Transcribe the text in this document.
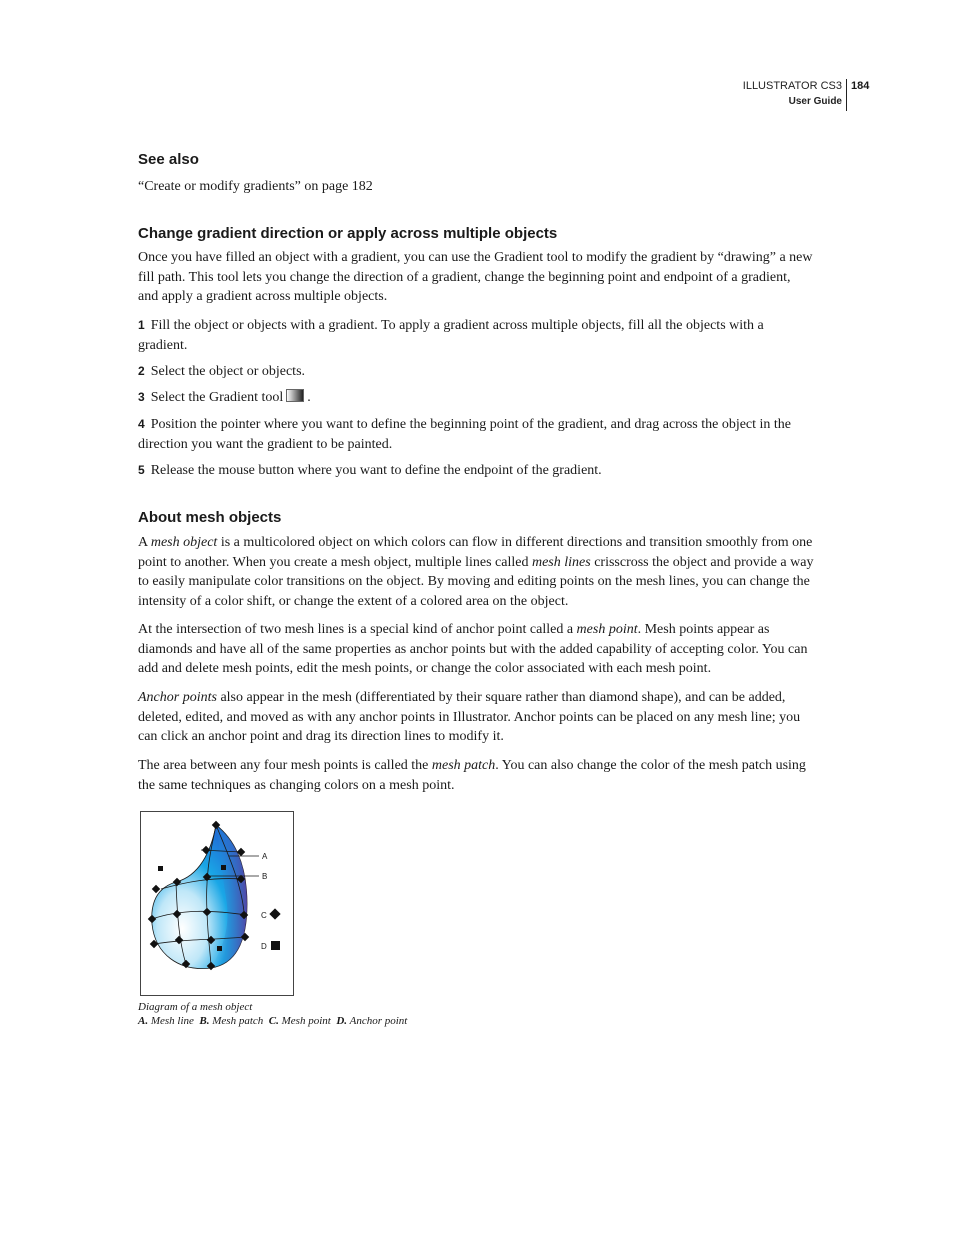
ILLUSTRATOR CS3
User Guide
184
See also

“Create or modify gradients” on page 182

Change gradient direction or apply across multiple objects

Once you have filled an object with a gradient, you can use the Gradient tool to modify the gradient by “drawing” a new fill path. This tool lets you change the direction of a gradient, change the beginning point and endpoint of a gradient, and apply a gradient across multiple objects.

1 Fill the object or objects with a gradient. To apply a gradient across multiple objects, fill all the objects with a gradient.

2 Select the object or objects.

3 Select the Gradient tool .

4 Position the pointer where you want to define the beginning point of the gradient, and drag across the object in the direction you want the gradient to be painted.

5 Release the mouse button where you want to define the endpoint of the gradient.

About mesh objects

A mesh object is a multicolored object on which colors can flow in different directions and transition smoothly from one point to another. When you create a mesh object, multiple lines called mesh lines crisscross the object and provide a way to easily manipulate color transitions on the object. By moving and editing points on the mesh lines, you can change the intensity of a color shift, or change the extent of a colored area on the object.

At the intersection of two mesh lines is a special kind of anchor point called a mesh point. Mesh points appear as diamonds and have all of the same properties as anchor points but with the added capability of accepting color. You can add and delete mesh points, edit the mesh points, or change the color associated with each mesh point.

Anchor points also appear in the mesh (differentiated by their square rather than diamond shape), and can be added, deleted, edited, and moved as with any anchor points in Illustrator. Anchor points can be placed on any mesh line; you can click an anchor point and drag its direction lines to modify it.

The area between any four mesh points is called the mesh patch. You can also change the color of the mesh patch using the same techniques as changing colors on a mesh point.

A
B
C
D
Diagram of a mesh object
A. Mesh line B. Mesh patch C. Mesh point D. Anchor point
